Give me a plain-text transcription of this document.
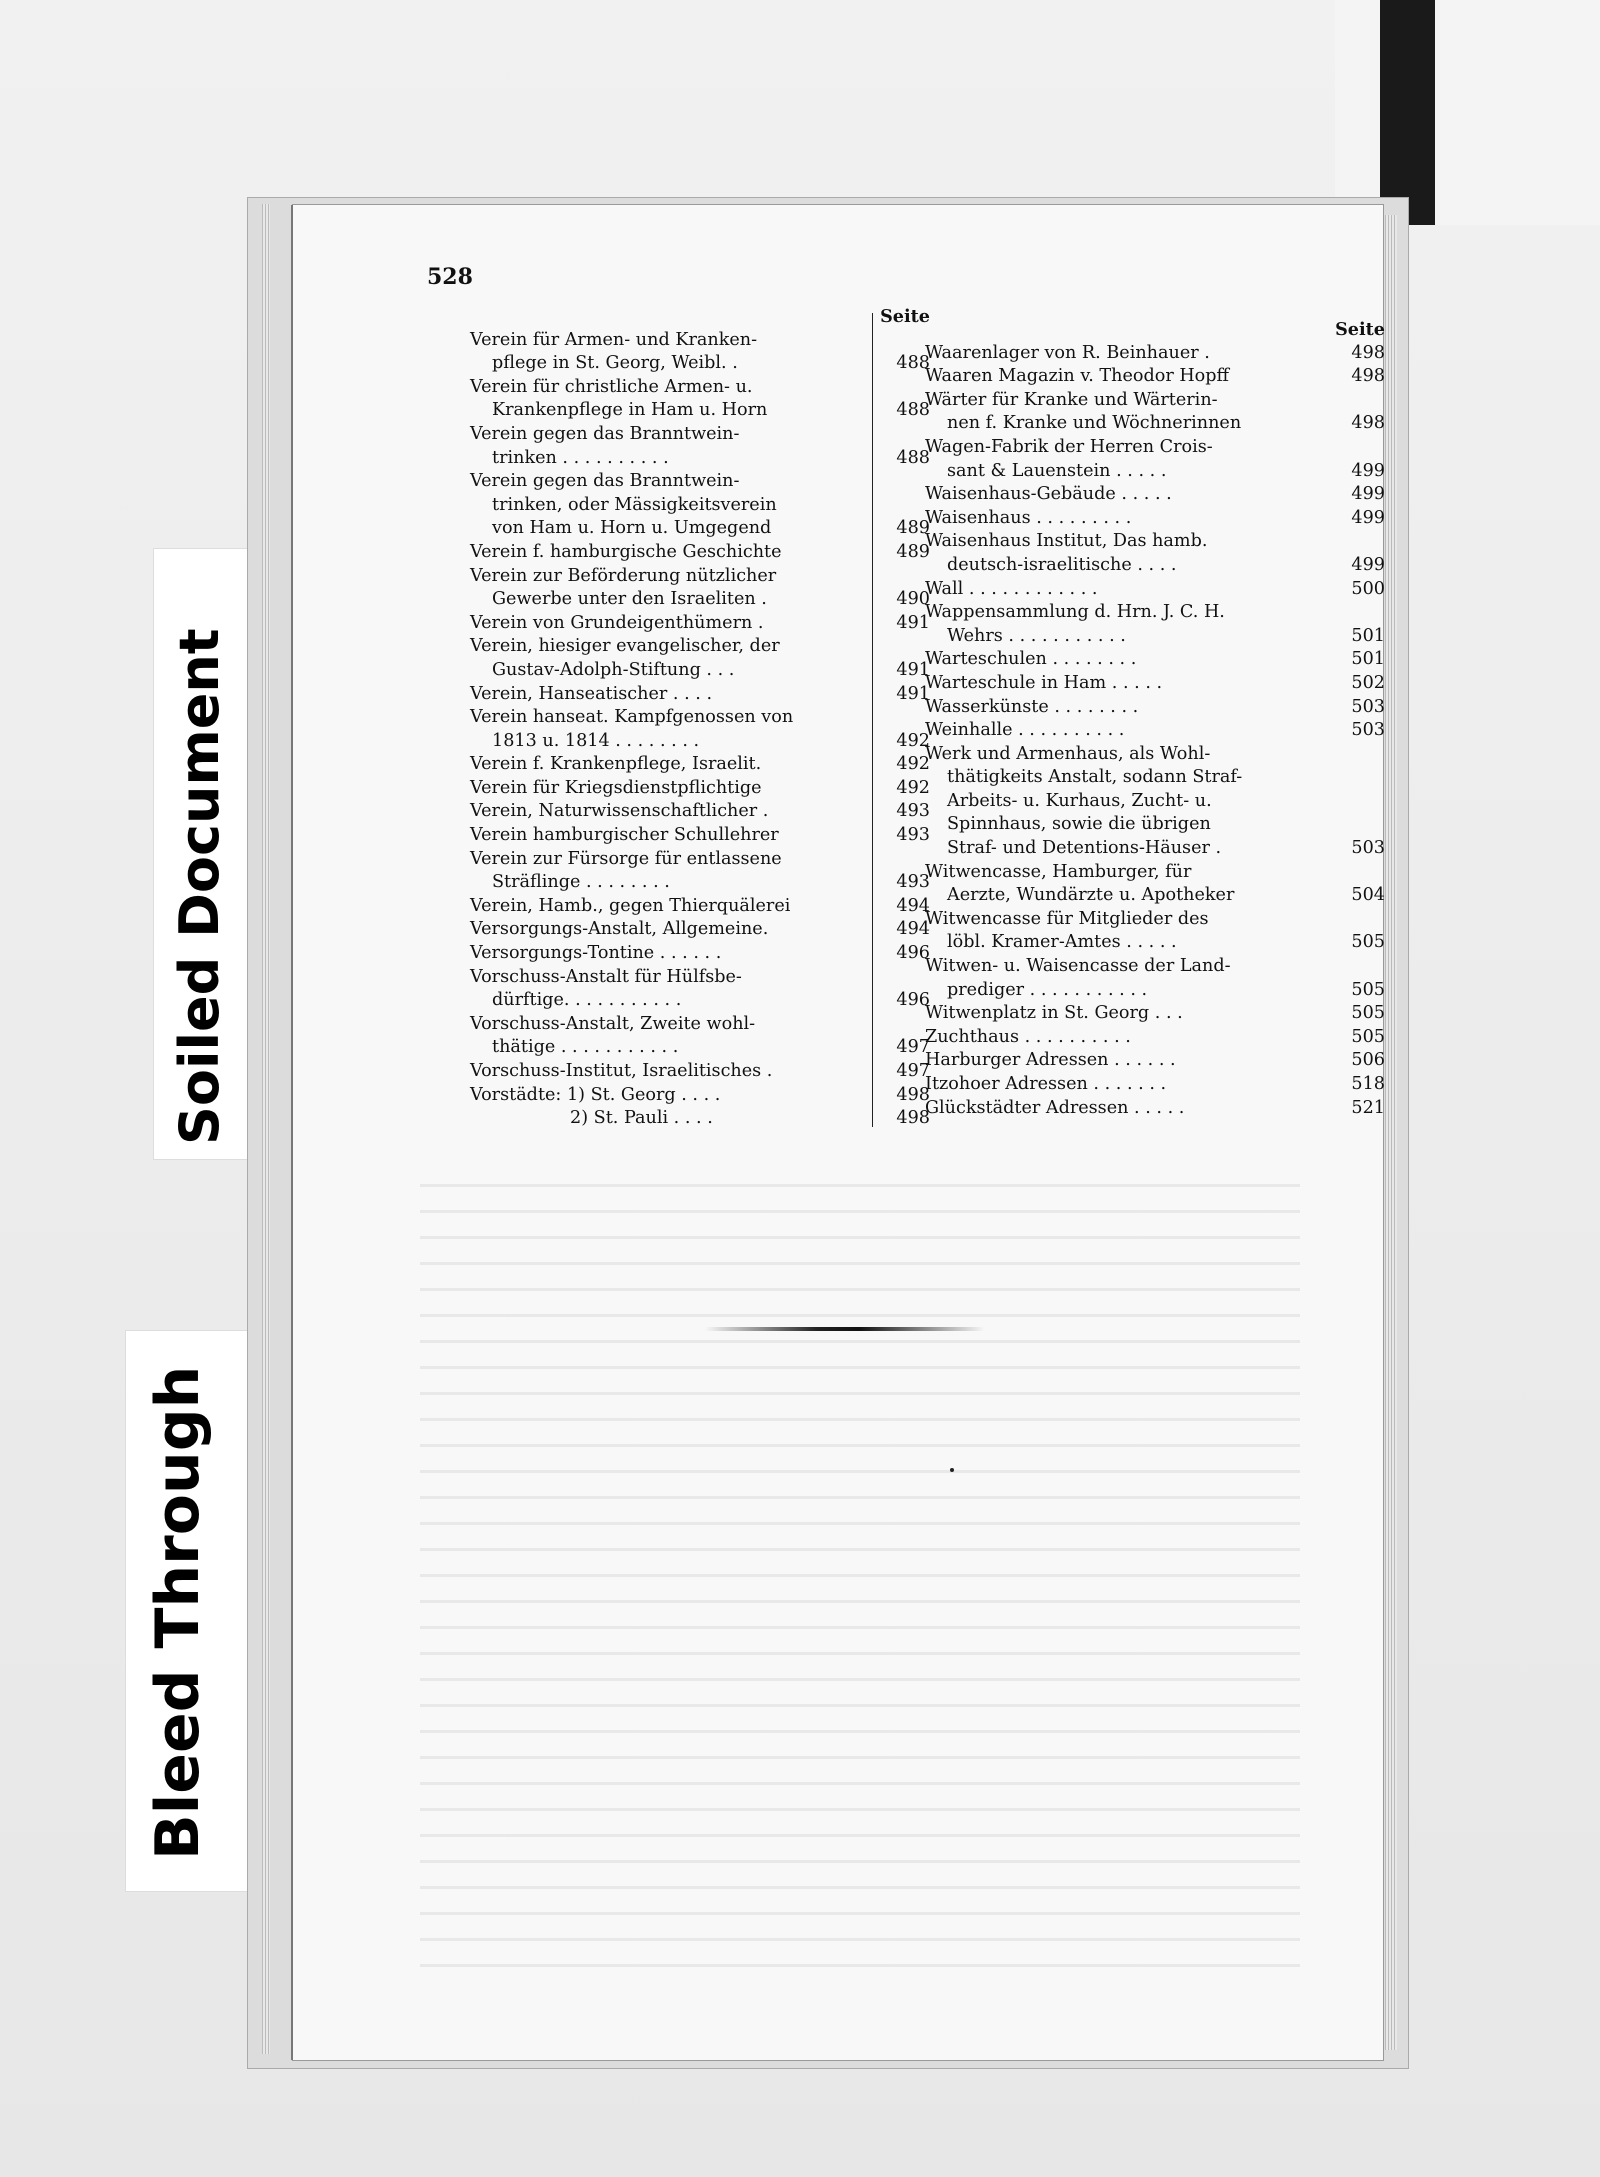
Soiled Document
Bleed Through
528
Seite
Verein für Armen- und Kranken-
pflege in St. Georg, Weibl. .	488
Verein für christliche Armen- u.
Krankenpflege in Ham u. Horn	488
Verein gegen das Branntwein-
trinken . . . . . . . . . .	488
Verein gegen das Branntwein-
trinken, oder Mässigkeitsverein
von Ham u. Horn u. Umgegend	489
Verein f. hamburgische Geschichte	489
Verein zur Beförderung nützlicher
Gewerbe unter den Israeliten .	490
Verein von Grundeigenthümern .	491
Verein, hiesiger evangelischer, der
Gustav-Adolph-Stiftung . . .	491
Verein, Hanseatischer . . . .	491
Verein hanseat. Kampfgenossen von
1813 u. 1814 . . . . . . . .	492
Verein f. Krankenpflege, Israelit.	492
Verein für Kriegsdienstpflichtige	492
Verein, Naturwissenschaftlicher .	493
Verein hamburgischer Schullehrer	493
Verein zur Fürsorge für entlassene
Sträflinge . . . . . . . .	493
Verein, Hamb., gegen Thierquälerei	494
Versorgungs-Anstalt, Allgemeine.	494
Versorgungs-Tontine . . . . . .	496
Vorschuss-Anstalt für Hülfsbe-
dürftige. . . . . . . . . . .	496
Vorschuss-Anstalt, Zweite wohl-
thätige . . . . . . . . . . .	497
Vorschuss-Institut, Israelitisches .	497
Vorstädte: 1) St. Georg . . . .	498
2) St. Pauli . . . .	498
Seite
Waarenlager von R. Beinhauer .	498
Waaren Magazin v. Theodor Hopff	498
Wärter für Kranke und Wärterin-
nen f. Kranke und Wöchnerinnen	498
Wagen-Fabrik der Herren Crois-
sant & Lauenstein . . . . .	499
Waisenhaus-Gebäude . . . . .	499
Waisenhaus . . . . . . . . .	499
Waisenhaus Institut, Das hamb.
deutsch-israelitische . . . .	499
Wall . . . . . . . . . . . .	500
Wappensammlung d. Hrn. J. C. H.
Wehrs . . . . . . . . . . .	501
Warteschulen . . . . . . . .	501
Warteschule in Ham . . . . .	502
Wasserkünste . . . . . . . .	503
Weinhalle . . . . . . . . . .	503
Werk und Armenhaus, als Wohl-
thätigkeits Anstalt, sodann Straf-
Arbeits- u. Kurhaus, Zucht- u.
Spinnhaus, sowie die übrigen
Straf- und Detentions-Häuser .	503
Witwencasse, Hamburger, für
Aerzte, Wundärzte u. Apotheker	504
Witwencasse für Mitglieder des
löbl. Kramer-Amtes . . . . .	505
Witwen- u. Waisencasse der Land-
prediger . . . . . . . . . . .	505
Witwenplatz in St. Georg . . .	505
Zuchthaus . . . . . . . . . .	505
Harburger Adressen . . . . . .	506
Itzohoer Adressen . . . . . . .	518
Glückstädter Adressen . . . . .	521
